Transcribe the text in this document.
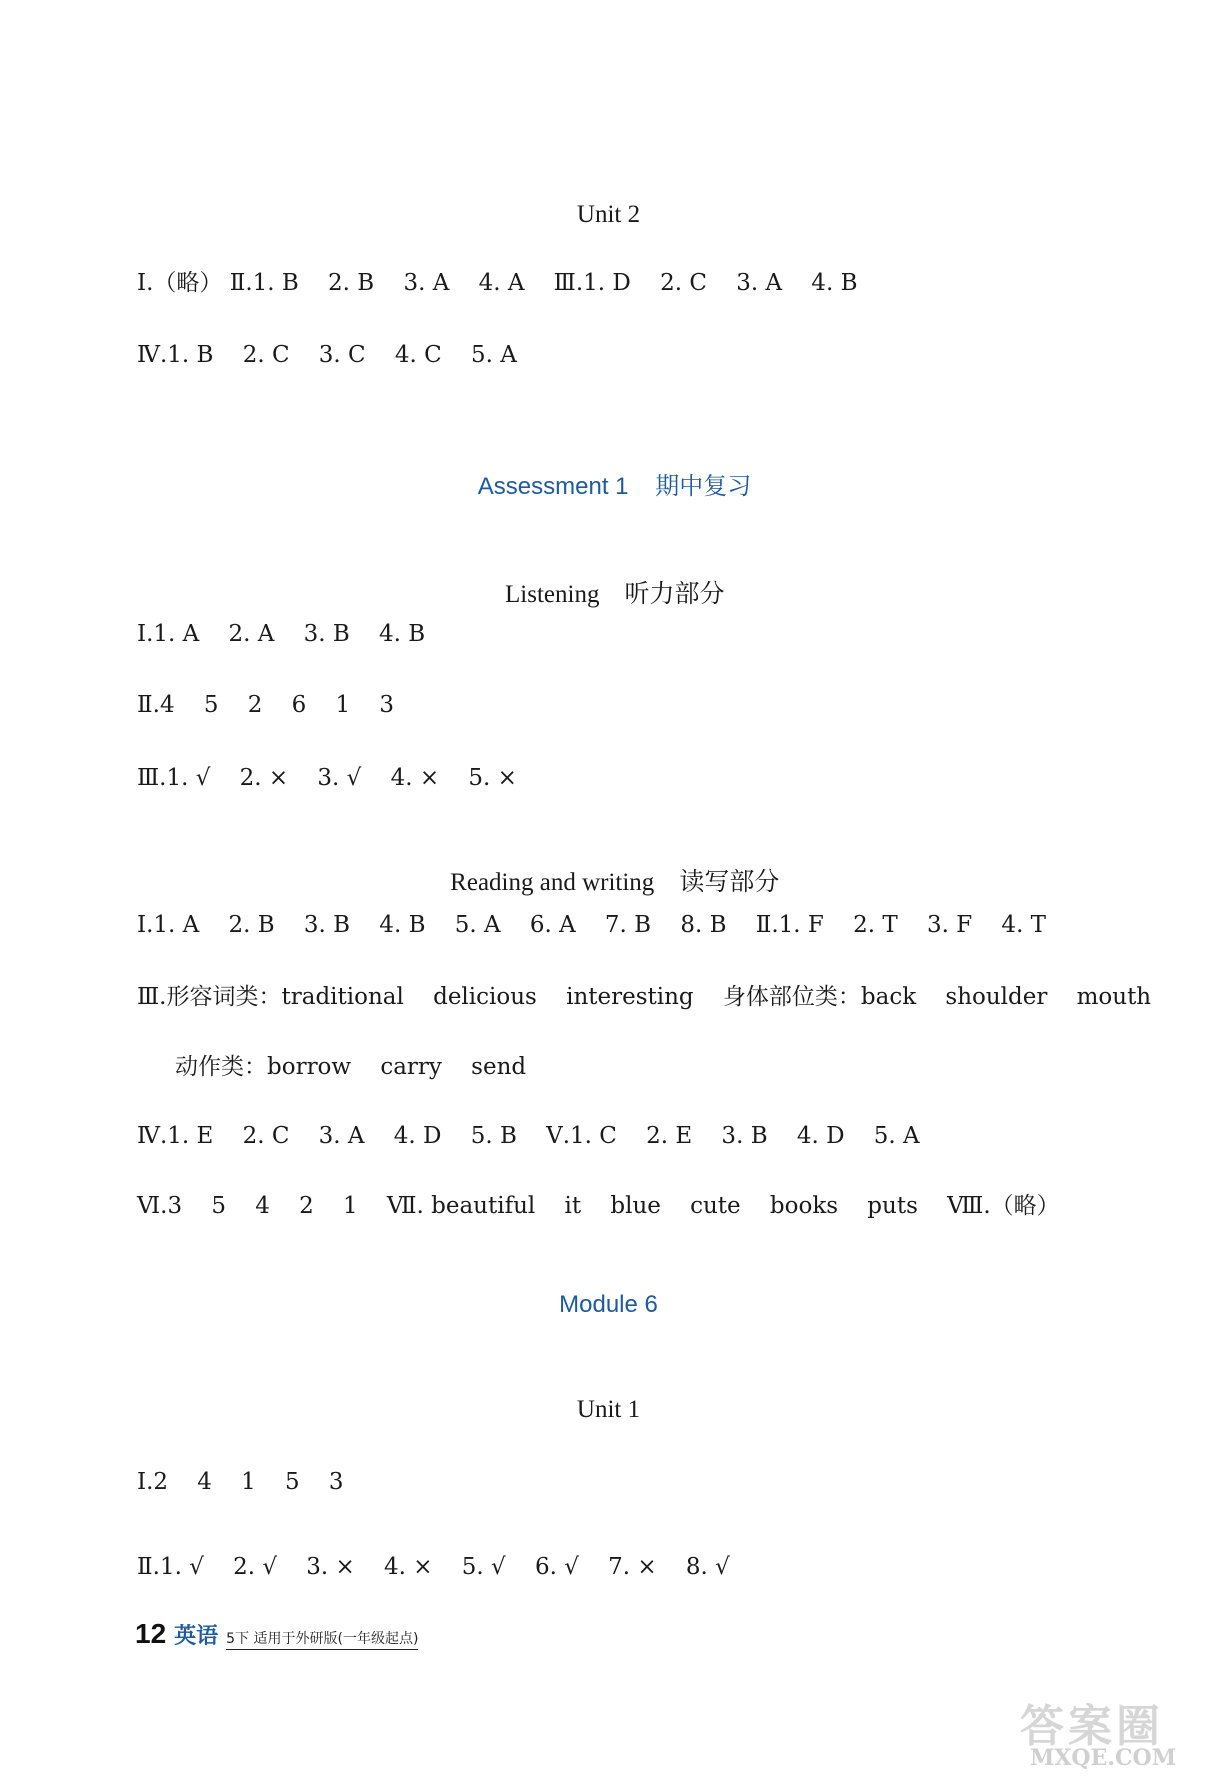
Unit 2
Ⅰ.（略） Ⅱ.1. B    2. B    3. A    4. A    Ⅲ.1. D    2. C    3. A    4. B
Ⅳ.1. B    2. C    3. C    4. C    5. A

Assessment 1 期中复习

Listening 听力部分

Ⅰ.1. A    2. A    3. B    4. B
Ⅱ.4    5    2    6    1    3
Ⅲ.1. √    2. ×    3. √    4. ×    5. ×

Reading and writing 读写部分

Ⅰ.1. A    2. B    3. B    4. B    5. A    6. A    7. B    8. B    Ⅱ.1. F    2. T    3. F    4. T
Ⅲ.形容词类：traditional    delicious    interesting    身体部位类：back    shoulder    mouth
动作类：borrow    carry    send
Ⅳ.1. E    2. C    3. A    4. D    5. B    Ⅴ.1. C    2. E    3. B    4. D    5. A
Ⅵ.3    5    4    2    1    Ⅶ. beautiful    it    blue    cute    books    puts    Ⅷ.（略）
Module 6
Unit 1
Ⅰ.2    4    1    5    3
Ⅱ.1. √    2. √    3. ×    4. ×    5. √    6. √    7. ×    8. √
12 英语 5下 适用于外研版(一年级起点)
答案圈
MXQE.COM
